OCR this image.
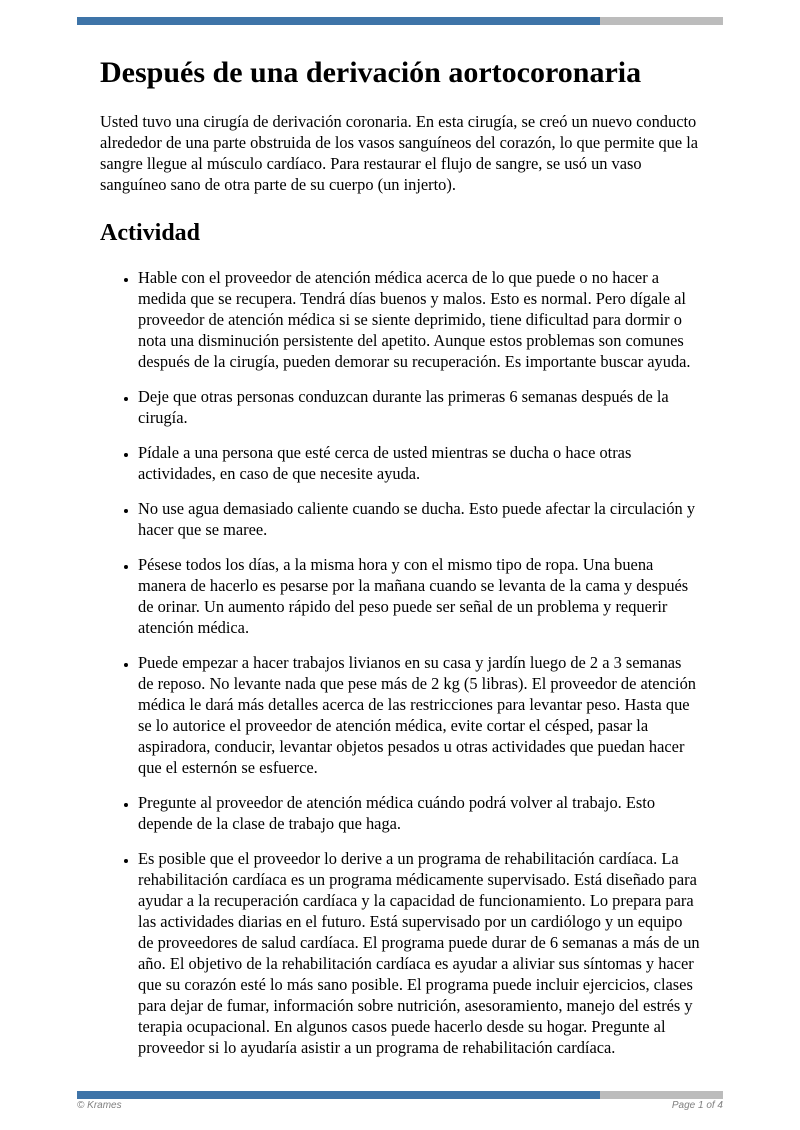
Después de una derivación aortocoronaria

Usted tuvo una cirugía de derivación coronaria. En esta cirugía, se creó un nuevo conducto alrededor de una parte obstruida de los vasos sanguíneos del corazón, lo que permite que la sangre llegue al músculo cardíaco. Para restaurar el flujo de sangre, se usó un vaso sanguíneo sano de otra parte de su cuerpo (un injerto).

Actividad
• Hable con el proveedor de atención médica acerca de lo que puede o no hacer a medida que se recupera. Tendrá días buenos y malos. Esto es normal. Pero dígale al proveedor de atención médica si se siente deprimido, tiene dificultad para dormir o nota una disminución persistente del apetito. Aunque estos problemas son comunes después de la cirugía, pueden demorar su recuperación. Es importante buscar ayuda.
• Deje que otras personas conduzcan durante las primeras 6 semanas después de la cirugía.
• Pídale a una persona que esté cerca de usted mientras se ducha o hace otras actividades, en caso de que necesite ayuda.
• No use agua demasiado caliente cuando se ducha. Esto puede afectar la circulación y hacer que se maree.
• Pésese todos los días, a la misma hora y con el mismo tipo de ropa. Una buena manera de hacerlo es pesarse por la mañana cuando se levanta de la cama y después de orinar. Un aumento rápido del peso puede ser señal de un problema y requerir atención médica.
• Puede empezar a hacer trabajos livianos en su casa y jardín luego de 2 a 3 semanas de reposo. No levante nada que pese más de 2 kg (5 libras). El proveedor de atención médica le dará más detalles acerca de las restricciones para levantar peso. Hasta que se lo autorice el proveedor de atención médica, evite cortar el césped, pasar la aspiradora, conducir, levantar objetos pesados u otras actividades que puedan hacer que el esternón se esfuerce.
• Pregunte al proveedor de atención médica cuándo podrá volver al trabajo. Esto depende de la clase de trabajo que haga.
• Es posible que el proveedor lo derive a un programa de rehabilitación cardíaca. La rehabilitación cardíaca es un programa médicamente supervisado. Está diseñado para ayudar a la recuperación cardíaca y la capacidad de funcionamiento. Lo prepara para las actividades diarias en el futuro. Está supervisado por un cardiólogo y un equipo de proveedores de salud cardíaca. El programa puede durar de 6 semanas a más de un año. El objetivo de la rehabilitación cardíaca es ayudar a aliviar sus síntomas y hacer que su corazón esté lo más sano posible. El programa puede incluir ejercicios, clases para dejar de fumar, información sobre nutrición, asesoramiento, manejo del estrés y terapia ocupacional. En algunos casos puede hacerlo desde su hogar. Pregunte al proveedor si lo ayudaría asistir a un programa de rehabilitación cardíaca.
© Krames	Page 1 of 4
